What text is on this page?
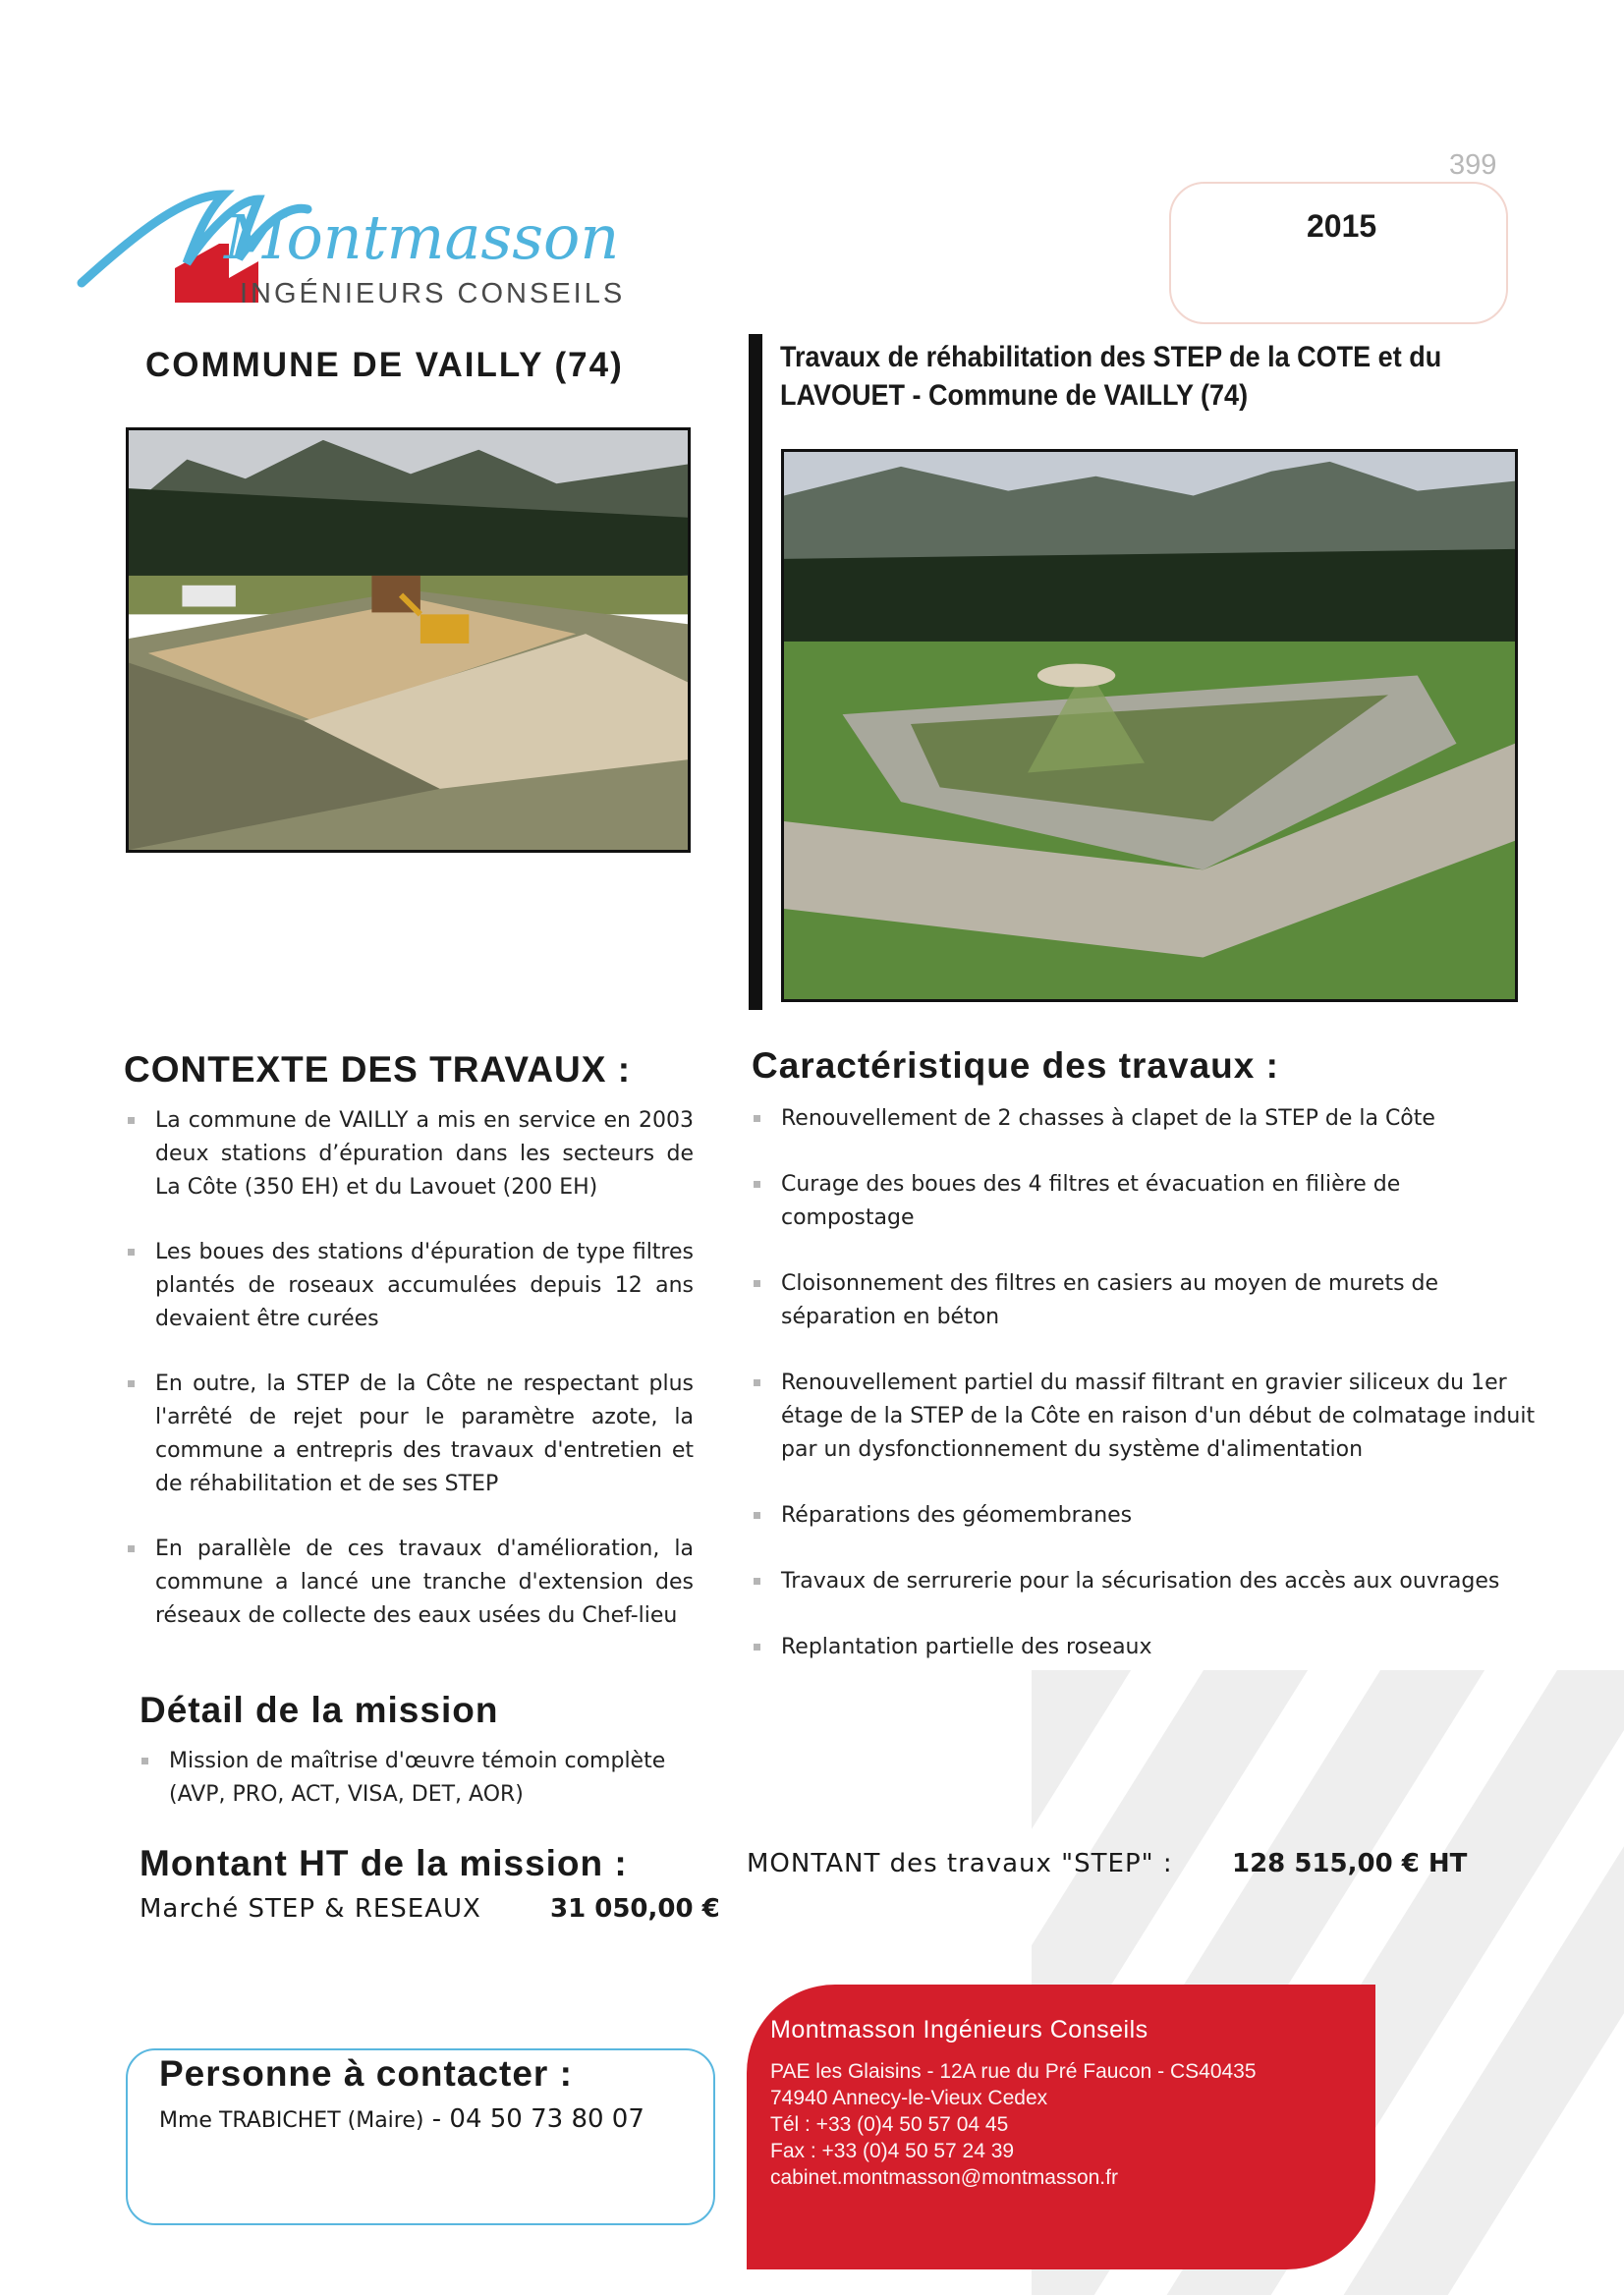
Montmasson
INGÉNIEURS CONSEILS
399
2015
COMMUNE DE VAILLY (74)	Travaux de réhabilitation des STEP de la COTE et du
LAVOUET - Commune de VAILLY (74)
CONTEXTE DES TRAVAUX :
La commune de VAILLY a mis en service en 2003 deux stations d’épuration dans les secteurs de La Côte (350 EH) et du Lavouet (200 EH)
Les boues des stations d'épuration de type filtres plantés de roseaux accumulées depuis 12 ans devaient être curées
En outre, la STEP de la Côte ne respectant plus l'arrêté de rejet pour le paramètre azote, la commune a entrepris des travaux d'entretien et de réhabilitation et de ses STEP
En parallèle de ces travaux d'amélioration, la commune a lancé une tranche d'extension des réseaux de collecte des eaux usées du Chef-lieu
Caractéristique des travaux :
Renouvellement de 2 chasses à clapet de la STEP de la Côte
Curage des boues des 4 filtres et évacuation en filière de compostage
Cloisonnement des filtres en casiers au moyen de murets de séparation en béton
Renouvellement partiel du massif filtrant en gravier siliceux du 1er étage de la STEP de la Côte en raison d'un début de colmatage induit par un dysfonctionnement du système d'alimentation
Réparations des géomembranes
Travaux de serrurerie pour la sécurisation des accès aux ouvrages
Replantation partielle des roseaux
Détail de la mission
Mission de maîtrise d'œuvre témoin complète (AVP, PRO, ACT, VISA, DET, AOR)
Montant HT de la mission :
Marché STEP & RESEAUX	31 050,00 €
MONTANT des travaux "STEP" : 128 515,00 € HT
Personne à contacter :
Mme TRABICHET (Maire) - 04 50 73 80 07
Montmasson Ingénieurs Conseils
PAE les Glaisins - 12A rue du Pré Faucon - CS40435
74940 Annecy-le-Vieux Cedex
Tél : +33 (0)4 50 57 04 45
Fax : +33 (0)4 50 57 24 39
cabinet.montmasson@montmasson.fr
